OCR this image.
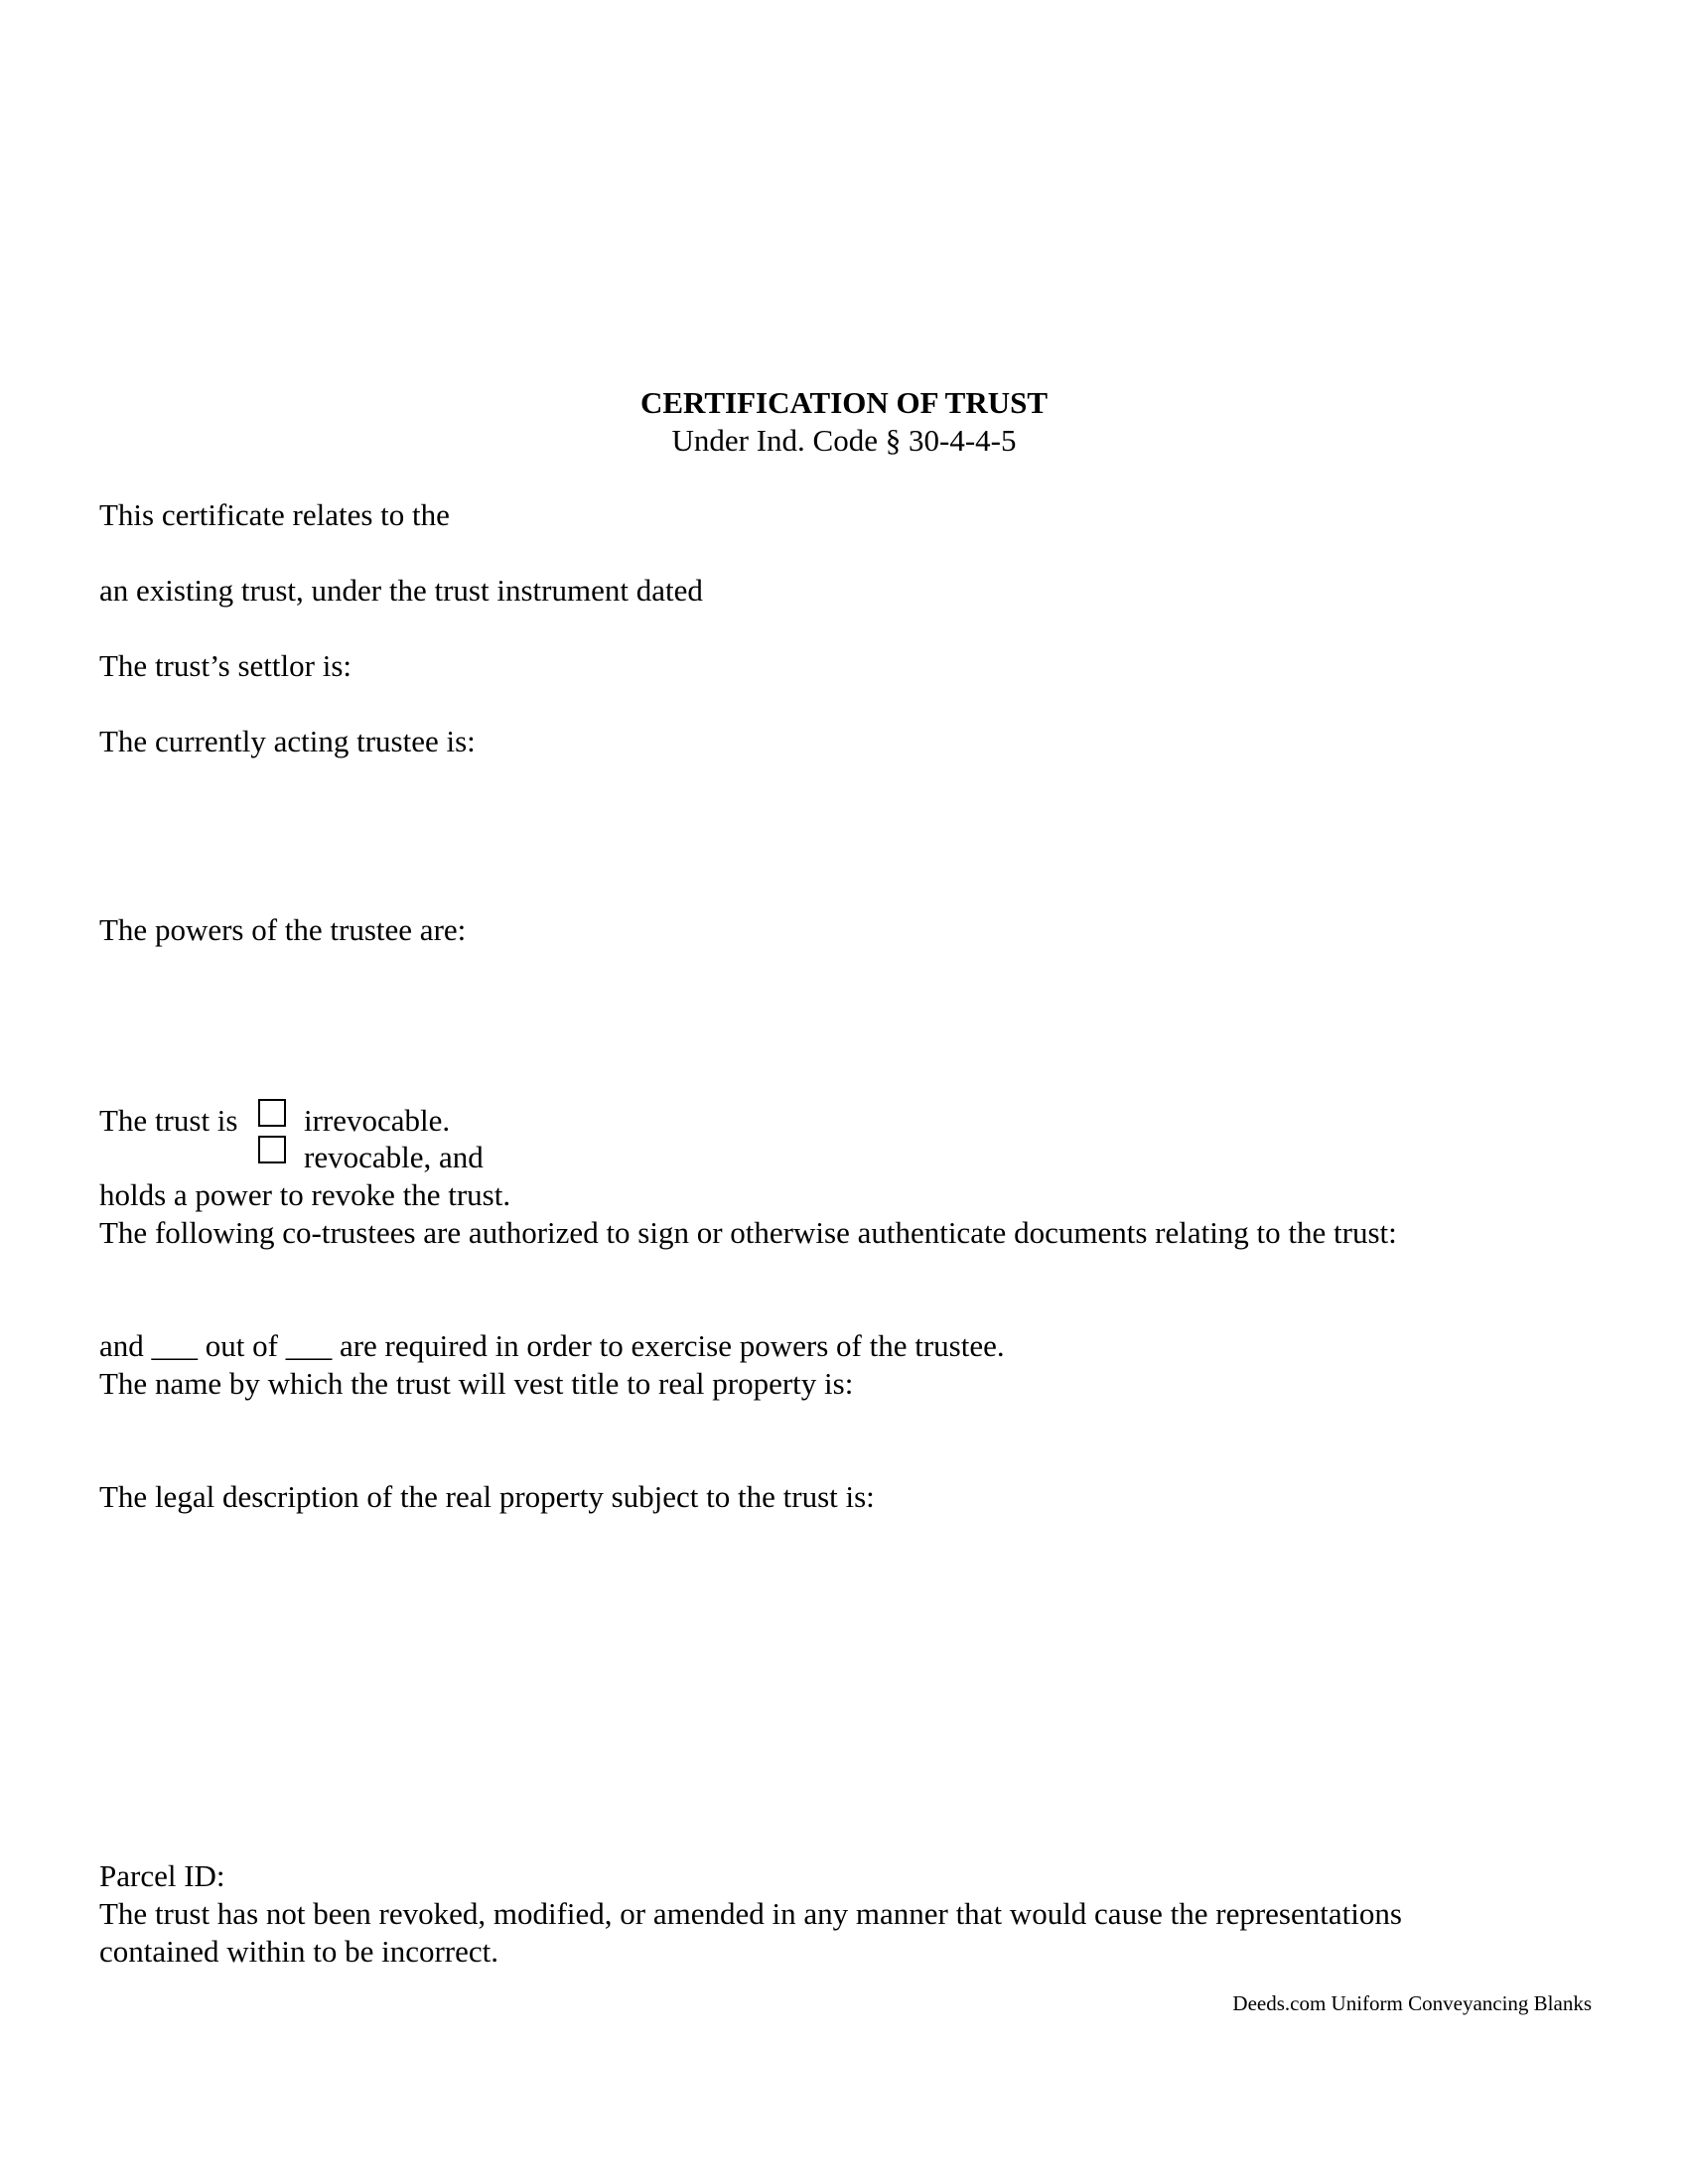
CERTIFICATION OF TRUST
Under Ind. Code § 30-4-4-5
This certificate relates to the
an existing trust, under the trust instrument dated
The trust’s settlor is:
The currently acting trustee is:
The powers of the trustee are:
The trust is irrevocable.
revocable, and
holds a power to revoke the trust.
The following co-trustees are authorized to sign or otherwise authenticate documents relating to the trust:
and ___ out of ___ are required in order to exercise powers of the trustee.
The name by which the trust will vest title to real property is:
The legal description of the real property subject to the trust is:
Parcel ID:
The trust has not been revoked, modified, or amended in any manner that would cause the representations
contained within to be incorrect.
Deeds.com Uniform Conveyancing Blanks
